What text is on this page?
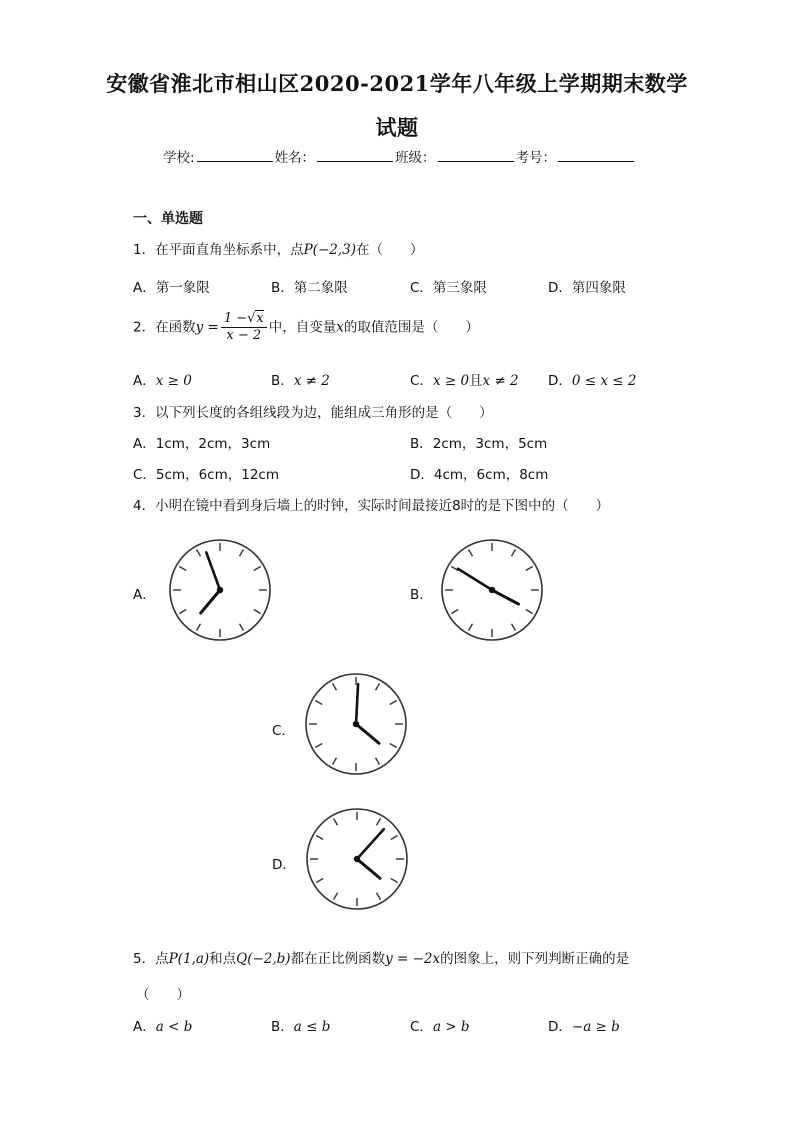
安徽省淮北市相山区2020-2021学年八年级上学期期末数学
试题
学校:	姓名：	班级：	考号：
一、单选题
1．在平面直角坐标系中，点P(−2,3)在（　　）
A．第一象限	B．第二象限	C．第三象限	D．第四象限
2．在函数$y = \frac{1 -√x}{x - 2}$ 中，自变量x的取值范围是（　　）
A．x ≥ 0	B．x ≠ 2	C．x ≥ 0且x ≠ 2 D．0 ≤ x ≤ 2
3．以下列长度的各组线段为边，能组成三角形的是（　　）
A．1cm，2cm，3cm	B．2cm，3cm，5cm
C．5cm，6cm，12cm	D．4cm，6cm，8cm
4．小明在镜中看到身后墙上的时钟，实际时间最接近8时的是下图中的（　　）
A．	B．
C．
D．
5．点P(1,a)和点Q(−2,b)都在正比例函数y = −2x的图象上，则下列判断正确的是
（　　）
A．a < b	B．a ≤ b	C．a > b	D．−a ≥ b
